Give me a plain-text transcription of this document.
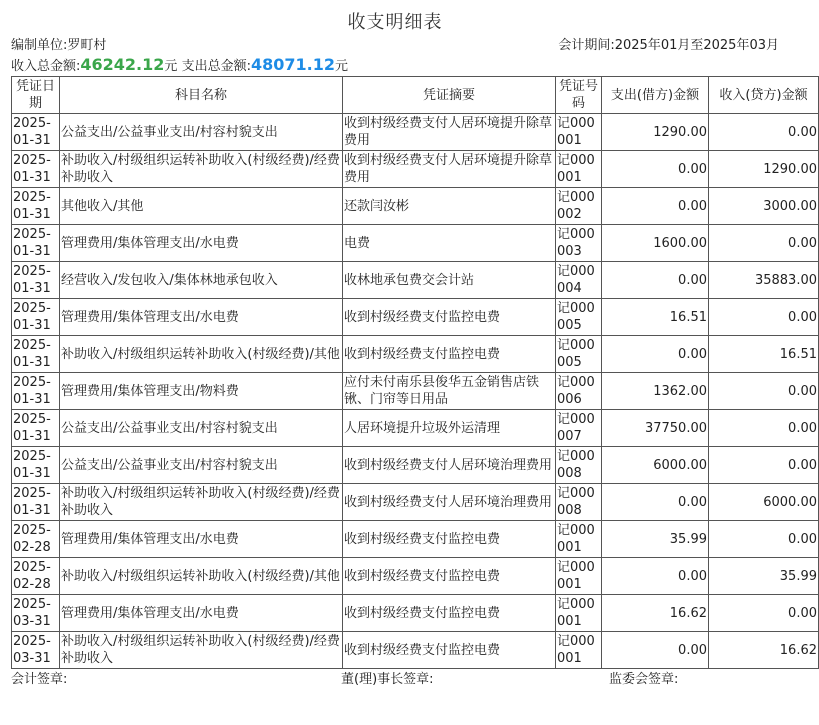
收支明细表
编制单位:罗町村	会计期间:2025年01月至2025年03月
收入总金额:46242.12元 支出总金额:48071.12元
凭证日期	科目名称	凭证摘要	凭证号码	支出(借方)金额	收入(贷方)金额
2025-01-31	公益支出/公益事业支出/村容村貌支出	收到村级经费支付人居环境提升除草费用	记000001	1290.00	0.00
2025-01-31	补助收入/村级组织运转补助收入(村级经费)/经费补助收入	收到村级经费支付人居环境提升除草费用	记000001	0.00	1290.00
2025-01-31	其他收入/其他	还款闫汝彬	记000002	0.00	3000.00
2025-01-31	管理费用/集体管理支出/水电费	电费	记000003	1600.00	0.00
2025-01-31	经营收入/发包收入/集体林地承包收入	收林地承包费交会计站	记000004	0.00	35883.00
2025-01-31	管理费用/集体管理支出/水电费	收到村级经费支付监控电费	记000005	16.51	0.00
2025-01-31	补助收入/村级组织运转补助收入(村级经费)/其他	收到村级经费支付监控电费	记000005	0.00	16.51
2025-01-31	管理费用/集体管理支出/物料费	应付未付南乐县俊华五金销售店铁锹、门帘等日用品	记000006	1362.00	0.00
2025-01-31	公益支出/公益事业支出/村容村貌支出	人居环境提升垃圾外运清理	记000007	37750.00	0.00
2025-01-31	公益支出/公益事业支出/村容村貌支出	收到村级经费支付人居环境治理费用	记000008	6000.00	0.00
2025-01-31	补助收入/村级组织运转补助收入(村级经费)/经费补助收入	收到村级经费支付人居环境治理费用	记000008	0.00	6000.00
2025-02-28	管理费用/集体管理支出/水电费	收到村级经费支付监控电费	记000001	35.99	0.00
2025-02-28	补助收入/村级组织运转补助收入(村级经费)/其他	收到村级经费支付监控电费	记000001	0.00	35.99
2025-03-31	管理费用/集体管理支出/水电费	收到村级经费支付监控电费	记000001	16.62	0.00
2025-03-31	补助收入/村级组织运转补助收入(村级经费)/经费补助收入	收到村级经费支付监控电费	记000001	0.00	16.62
会计签章:	董(理)事长签章:	监委会签章:
